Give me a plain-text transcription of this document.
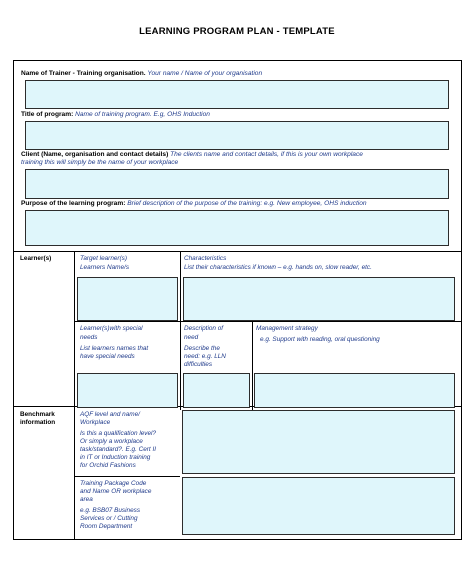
LEARNING PROGRAM PLAN - TEMPLATE
Name of Trainer - Training organisation. Your name / Name of your organisation
Title of program: Name of training program. E.g, OHS Induction
Client (Name, organisation and contact details) The clients name and contact details, if this is your own workplace
training this will simply be the name of your workplace
Purpose of the learning program: Brief description of the purpose of the training: e.g. New employee, OHS induction
Learner(s)	Target learner(s)
Learners Name/s
Characteristics
List their characteristics if known – e.g. hands on, slow reader, etc.
Learner(s)with special
needs
List learners names that
have special needs
Description of
need
Describe the
need: e.g. LLN
difficulties
Management strategy
e.g. Support with reading, oral questioning
Benchmark
information
AQF level and name/
Workplace
Is this a qualification level?
Or simply a workplace
task/standard?. E.g. Cert II
in IT or Induction training
for Orchid Fashions
Training Package Code
and Name OR workplace
area
e.g. BSB07 Business
Services or / Cutting
Room Department
